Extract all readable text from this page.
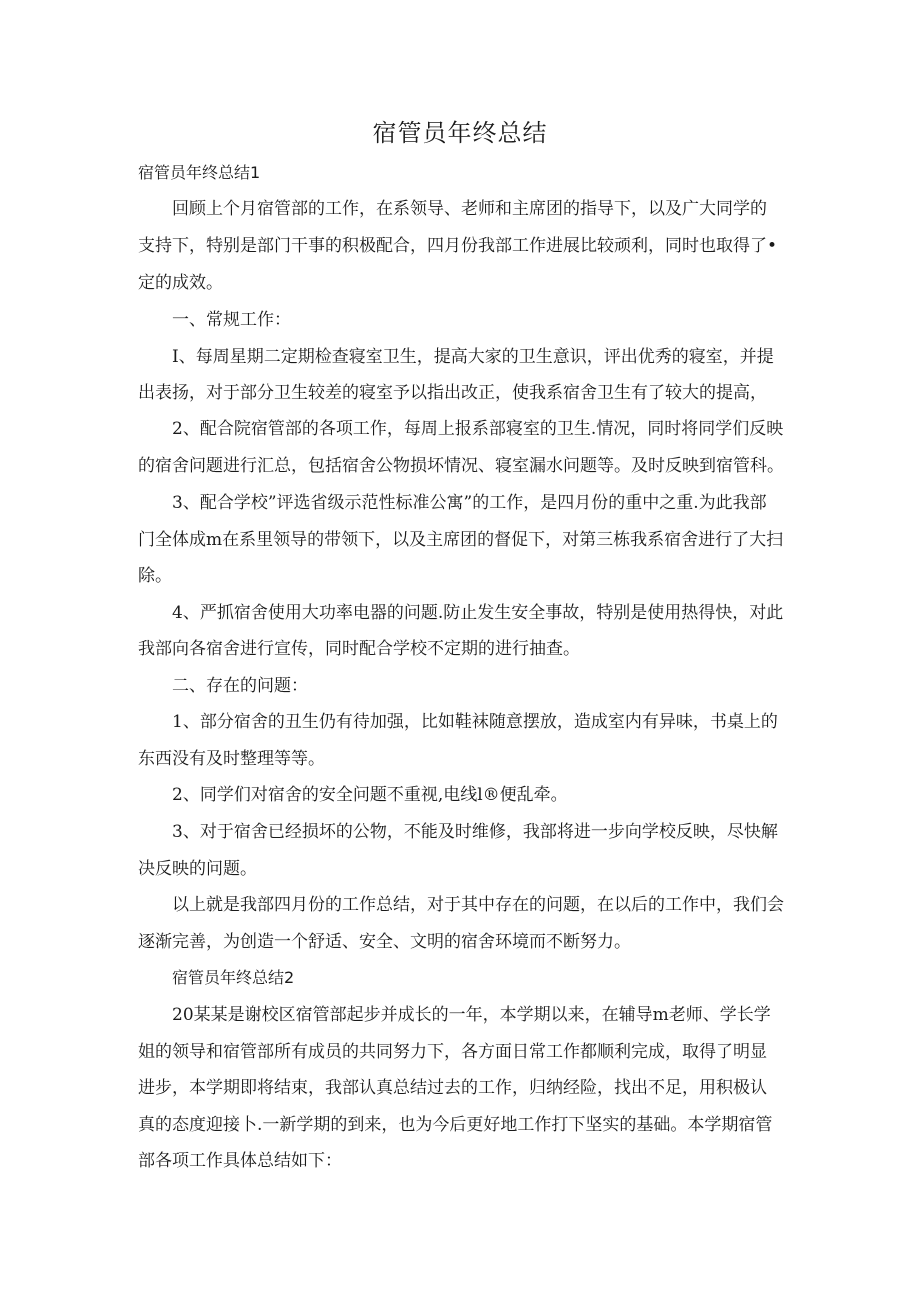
宿管员年终总结
宿管员年终总结1
回顾上个月宿管部的工作，在系领导、老师和主席团的指导下，以及广大同学的
支持下，特别是部门干事的积极配合，四月份我部工作进展比较顽利，同时也取得了•
定的成效。
一、常规工作：
I、每周星期二定期检查寝室卫生，提高大家的卫生意识，评出优秀的寝室，并提
出表扬，对于部分卫生较差的寝室予以指出改正，使我系宿舍卫生有了较大的提高，
2、配合院宿管部的各项工作，每周上报系部寝室的卫生.情况，同时将同学们反映
的宿舍问题进行汇总，包括宿舍公物损坏情况、寝室漏水问题等。及时反映到宿管科。
3、配合学校”评选省级示范性标准公寓”的工作，是四月份的重中之重.为此我部
门全体成m在系里领导的带领下，以及主席团的督促下，对第三栋我系宿舍进行了大扫
除。
4、严抓宿舍使用大功率电器的问题.防止发生安全事故，特别是使用热得快，对此
我部向各宿舍进行宣传，同时配合学校不定期的进行抽查。
二、存在的问题：
1、部分宿舍的丑生仍有待加强，比如鞋袜随意摆放，造成室内有异味，书桌上的
东西没有及时整理等等。
2、同学们对宿舍的安全问题不重视,电线l®便乱牵。
3、对于宿舍已经损坏的公物，不能及时维修，我部将进一步向学校反映，尽快解
决反映的问题。
以上就是我部四月份的工作总结，对于其中存在的问题，在以后的工作中，我们会
逐渐完善，为创造一个舒适、安全、文明的宿舍环境而不断努力。
宿管员年终总结2
20某某是谢校区宿管部起步并成长的一年，本学期以来，在辅导m老师、学长学
姐的领导和宿管部所有成员的共同努力下，各方面日常工作都顺利完成，取得了明显
进步，本学期即将结束，我部认真总结过去的工作，归纳经险，找出不足，用积极认
真的态度迎接卜.一新学期的到来，也为今后更好地工作打下坚实的基础。本学期宿管
部各项工作具体总结如下：
